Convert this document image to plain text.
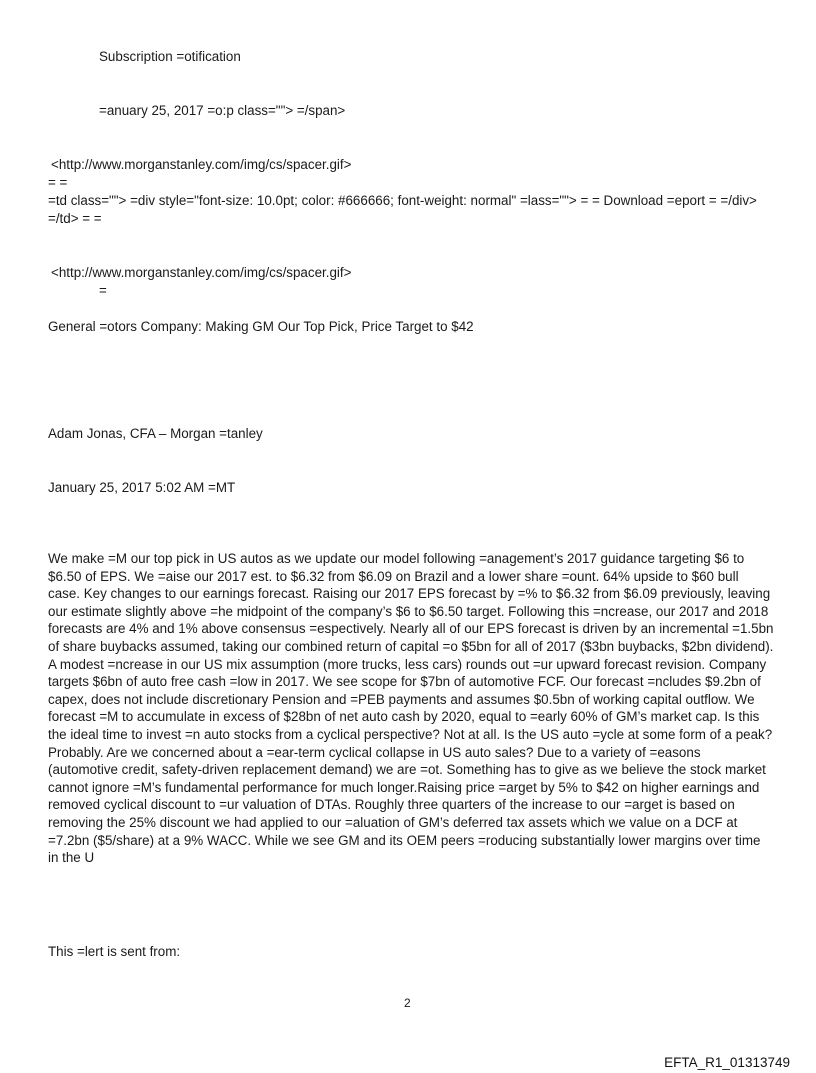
Subscription =otification
=anuary 25, 2017 =o:p class=""> =/span>
<http://www.morganstanley.com/img/cs/spacer.gif>
= =
=td class=""> =div style="font-size: 10.0pt; color: #666666; font-weight: normal" =lass=""> = = Download =eport = =/div>
=/td> = =
<http://www.morganstanley.com/img/cs/spacer.gif>
=
General =otors Company: Making GM Our Top Pick, Price Target to $42
Adam Jonas, CFA – Morgan =tanley
January 25, 2017 5:02 AM =MT
We make =M our top pick in US autos as we update our model following =anagement’s 2017 guidance targeting $6 to $6.50 of EPS. We =aise our 2017 est. to $6.32 from $6.09 on Brazil and a lower share =ount. 64% upside to $60 bull case. Key changes to our earnings forecast. Raising our 2017 EPS forecast by =% to $6.32 from $6.09 previously, leaving our estimate slightly above =he midpoint of the company’s $6 to $6.50 target. Following this =ncrease, our 2017 and 2018 forecasts are 4% and 1% above consensus =espectively. Nearly all of our EPS forecast is driven by an incremental =1.5bn of share buybacks assumed, taking our combined return of capital =o $5bn for all of 2017 ($3bn buybacks, $2bn dividend). A modest =ncrease in our US mix assumption (more trucks, less cars) rounds out =ur upward forecast revision. Company targets $6bn of auto free cash =low in 2017. We see scope for $7bn of automotive FCF. Our forecast =ncludes $9.2bn of capex, does not include discretionary Pension and =PEB payments and assumes $0.5bn of working capital outflow. We forecast =M to accumulate in excess of $28bn of net auto cash by 2020, equal to =early 60% of GM’s market cap. Is this the ideal time to invest =n auto stocks from a cyclical perspective? Not at all. Is the US auto =ycle at some form of a peak? Probably. Are we concerned about a =ear-term cyclical collapse in US auto sales? Due to a variety of =easons (automotive credit, safety-driven replacement demand) we are =ot. Something has to give as we believe the stock market cannot ignore =M’s fundamental performance for much longer.Raising price =arget by 5% to $42 on higher earnings and removed cyclical discount to =ur valuation of DTAs. Roughly three quarters of the increase to our =arget is based on removing the 25% discount we had applied to our =aluation of GM’s deferred tax assets which we value on a DCF at =7.2bn ($5/share) at a 9% WACC. While we see GM and its OEM peers =roducing substantially lower margins over time in the U
This =lert is sent from:
2
EFTA_R1_01313749
